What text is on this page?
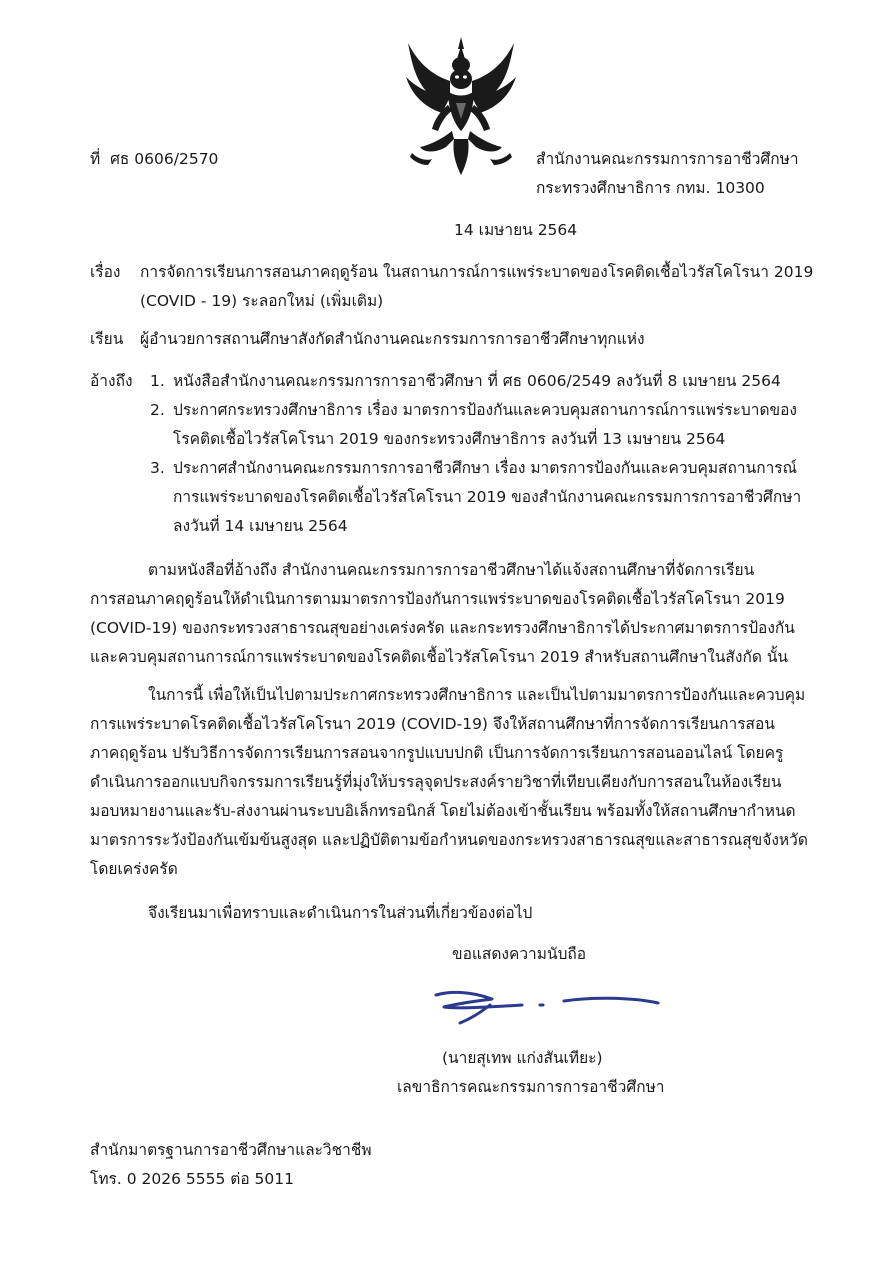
ที่ ศธ 0606/2570	สำนักงานคณะกรรมการการอาชีวศึกษา
กระทรวงศึกษาธิการ กทม. 10300
14 เมษายน 2564
เรื่อง การจัดการเรียนการสอนภาคฤดูร้อน ในสถานการณ์การแพร่ระบาดของโรคติดเชื้อไวรัสโคโรนา 2019
(COVID - 19) ระลอกใหม่ (เพิ่มเติม)
เรียน ผู้อำนวยการสถานศึกษาสังกัดสำนักงานคณะกรรมการการอาชีวศึกษาทุกแห่ง
อ้างถึง 1. หนังสือสำนักงานคณะกรรมการการอาชีวศึกษา ที่ ศธ 0606/2549 ลงวันที่ 8 เมษายน 2564
2. ประกาศกระทรวงศึกษาธิการ เรื่อง มาตรการป้องกันและควบคุมสถานการณ์การแพร่ระบาดของ
โรคติดเชื้อไวรัสโคโรนา 2019 ของกระทรวงศึกษาธิการ ลงวันที่ 13 เมษายน 2564
3. ประกาศสำนักงานคณะกรรมการการอาชีวศึกษา เรื่อง มาตรการป้องกันและควบคุมสถานการณ์
การแพร่ระบาดของโรคติดเชื้อไวรัสโคโรนา 2019 ของสำนักงานคณะกรรมการการอาชีวศึกษา
ลงวันที่ 14 เมษายน 2564
ตามหนังสือที่อ้างถึง สำนักงานคณะกรรมการการอาชีวศึกษาได้แจ้งสถานศึกษาที่จัดการเรียน
การสอนภาคฤดูร้อนให้ดำเนินการตามมาตรการป้องกันการแพร่ระบาดของโรคติดเชื้อไวรัสโคโรนา 2019
(COVID-19) ของกระทรวงสาธารณสุขอย่างเคร่งครัด และกระทรวงศึกษาธิการได้ประกาศมาตรการป้องกัน
และควบคุมสถานการณ์การแพร่ระบาดของโรคติดเชื้อไวรัสโคโรนา 2019 สำหรับสถานศึกษาในสังกัด นั้น
ในการนี้ เพื่อให้เป็นไปตามประกาศกระทรวงศึกษาธิการ และเป็นไปตามมาตรการป้องกันและควบคุม
การแพร่ระบาดโรคติดเชื้อไวรัสโคโรนา 2019 (COVID-19) จึงให้สถานศึกษาที่การจัดการเรียนการสอน
ภาคฤดูร้อน ปรับวิธีการจัดการเรียนการสอนจากรูปแบบปกติ เป็นการจัดการเรียนการสอนออนไลน์ โดยครู
ดำเนินการออกแบบกิจกรรมการเรียนรู้ที่มุ่งให้บรรลุจุดประสงค์รายวิชาที่เทียบเคียงกับการสอนในห้องเรียน
มอบหมายงานและรับ-ส่งงานผ่านระบบอิเล็กทรอนิกส์ โดยไม่ต้องเข้าชั้นเรียน พร้อมทั้งให้สถานศึกษากำหนด
มาตรการระวังป้องกันเข้มข้นสูงสุด และปฏิบัติตามข้อกำหนดของกระทรวงสาธารณสุขและสาธารณสุขจังหวัด
โดยเคร่งครัด
จึงเรียนมาเพื่อทราบและดำเนินการในส่วนที่เกี่ยวข้องต่อไป
ขอแสดงความนับถือ
(นายสุเทพ แก่งสันเทียะ)
เลขาธิการคณะกรรมการการอาชีวศึกษา
สำนักมาตรฐานการอาชีวศึกษาและวิชาชีพ
โทร. 0 2026 5555 ต่อ 5011
